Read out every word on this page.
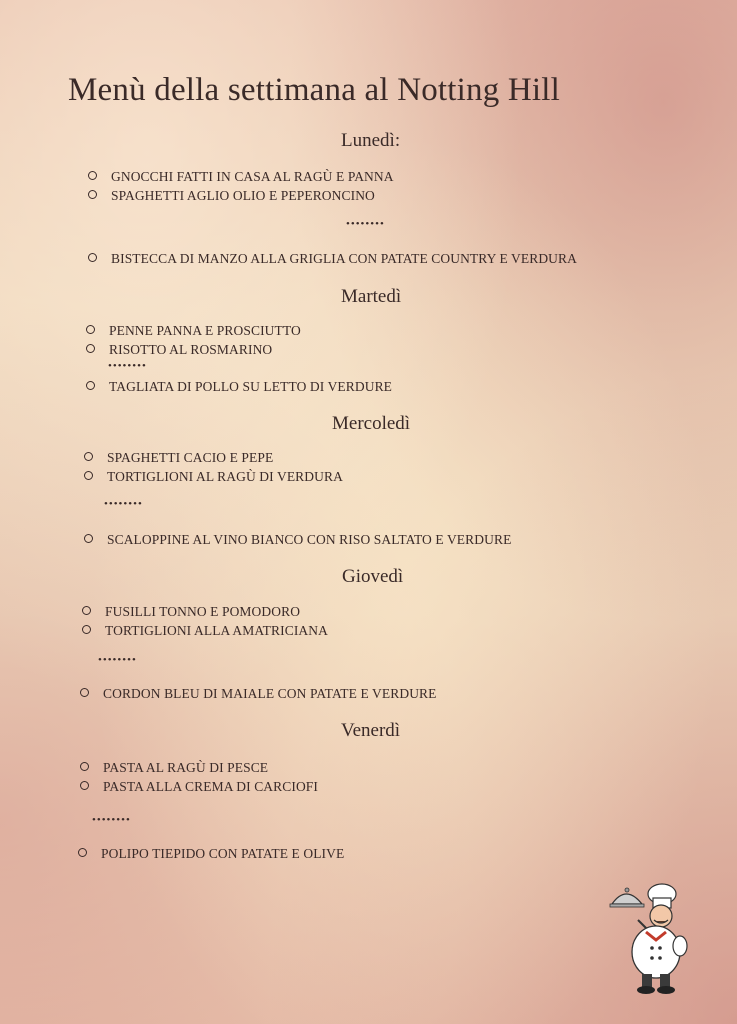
Menù della settimana al Notting Hill
Lunedì:
GNOCCHI FATTI IN CASA AL RAGÙ E PANNA
SPAGHETTI AGLIO OLIO E PEPERONCINO
••••••••
BISTECCA DI MANZO ALLA GRIGLIA CON PATATE COUNTRY E VERDURA
Martedì
PENNE PANNA E PROSCIUTTO
RISOTTO AL ROSMARINO
••••••••
TAGLIATA DI POLLO SU LETTO DI VERDURE
Mercoledì
SPAGHETTI CACIO E PEPE
TORTIGLIONI AL RAGÙ DI VERDURA
••••••••
SCALOPPINE AL VINO BIANCO CON RISO SALTATO E VERDURE
Giovedì
FUSILLI TONNO E POMODORO
TORTIGLIONI ALLA AMATRICIANA
••••••••
CORDON BLEU DI MAIALE CON PATATE E VERDURE
Venerdì
PASTA AL RAGÙ DI PESCE
PASTA ALLA CREMA DI CARCIOFI
••••••••
POLIPO TIEPIDO CON PATATE E OLIVE
